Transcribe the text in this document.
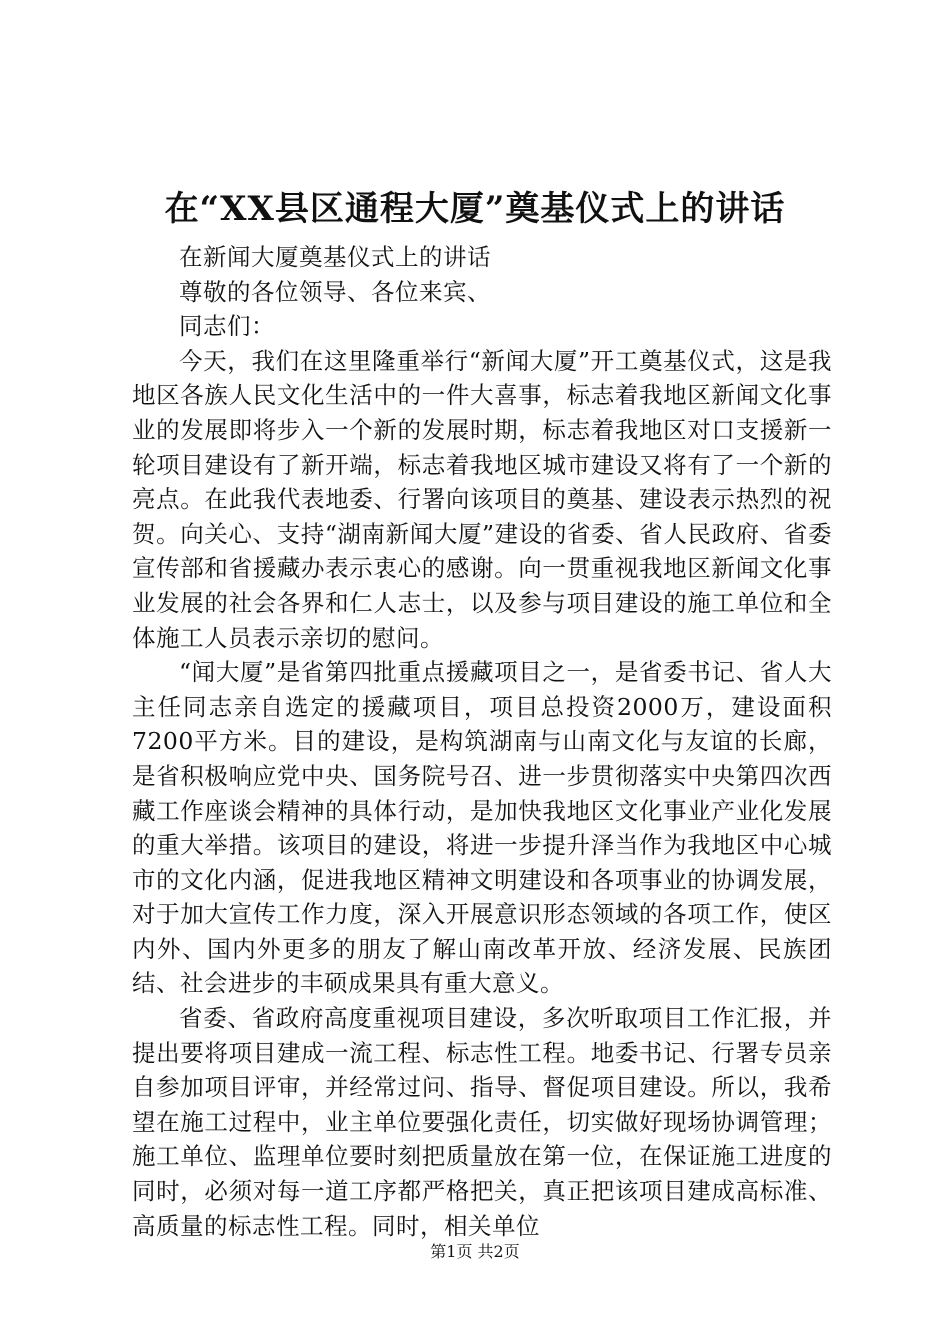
在“XX县区通程大厦”奠基仪式上的讲话

在新闻大厦奠基仪式上的讲话

尊敬的各位领导、各位来宾、

同志们：

今天，我们在这里隆重举行“新闻大厦”开工奠基仪式，这是我地区各族人民文化生活中的一件大喜事，标志着我地区新闻文化事业的发展即将步入一个新的发展时期，标志着我地区对口支援新一轮项目建设有了新开端，标志着我地区城市建设又将有了一个新的亮点。在此我代表地委、行署向该项目的奠基、建设表示热烈的祝贺。向关心、支持“湖南新闻大厦”建设的省委、省人民政府、省委宣传部和省援藏办表示衷心的感谢。向一贯重视我地区新闻文化事业发展的社会各界和仁人志士，以及参与项目建设的施工单位和全体施工人员表示亲切的慰问。

“闻大厦”是省第四批重点援藏项目之一，是省委书记、省人大主任同志亲自选定的援藏项目，项目总投资2000万，建设面积7200平方米。目的建设，是构筑湖南与山南文化与友谊的长廊，是省积极响应党中央、国务院号召、进一步贯彻落实中央第四次西藏工作座谈会精神的具体行动，是加快我地区文化事业产业化发展的重大举措。该项目的建设，将进一步提升泽当作为我地区中心城市的文化内涵，促进我地区精神文明建设和各项事业的协调发展，对于加大宣传工作力度，深入开展意识形态领域的各项工作，使区内外、国内外更多的朋友了解山南改革开放、经济发展、民族团结、社会进步的丰硕成果具有重大意义。

省委、省政府高度重视项目建设，多次听取项目工作汇报，并提出要将项目建成一流工程、标志性工程。地委书记、行署专员亲自参加项目评审，并经常过问、指导、督促项目建设。所以，我希望在施工过程中，业主单位要强化责任，切实做好现场协调管理；施工单位、监理单位要时刻把质量放在第一位，在保证施工进度的同时，必须对每一道工序都严格把关，真正把该项目建成高标准、高质量的标志性工程。同时，相关单位

第1页 共2页
